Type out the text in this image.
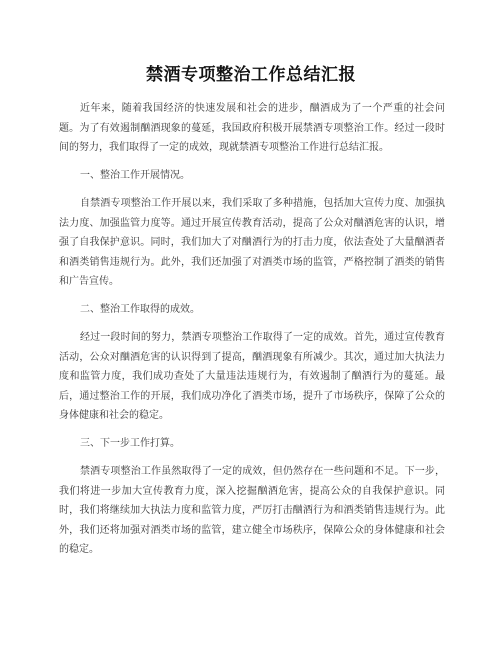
禁酒专项整治工作总结汇报

近年来，随着我国经济的快速发展和社会的进步，酗酒成为了一个严重的社会问题。为了有效遏制酗酒现象的蔓延，我国政府积极开展禁酒专项整治工作。经过一段时间的努力，我们取得了一定的成效，现就禁酒专项整治工作进行总结汇报。

一、整治工作开展情况。

自禁酒专项整治工作开展以来，我们采取了多种措施，包括加大宣传力度、加强执法力度、加强监管力度等。通过开展宣传教育活动，提高了公众对酗酒危害的认识，增强了自我保护意识。同时，我们加大了对酗酒行为的打击力度，依法查处了大量酗酒者和酒类销售违规行为。此外，我们还加强了对酒类市场的监管，严格控制了酒类的销售和广告宣传。

二、整治工作取得的成效。

经过一段时间的努力，禁酒专项整治工作取得了一定的成效。首先，通过宣传教育活动，公众对酗酒危害的认识得到了提高，酗酒现象有所减少。其次，通过加大执法力度和监管力度，我们成功查处了大量违法违规行为，有效遏制了酗酒行为的蔓延。最后，通过整治工作的开展，我们成功净化了酒类市场，提升了市场秩序，保障了公众的身体健康和社会的稳定。

三、下一步工作打算。

禁酒专项整治工作虽然取得了一定的成效，但仍然存在一些问题和不足。下一步，我们将进一步加大宣传教育力度，深入挖掘酗酒危害，提高公众的自我保护意识。同时，我们将继续加大执法力度和监管力度，严厉打击酗酒行为和酒类销售违规行为。此外，我们还将加强对酒类市场的监管，建立健全市场秩序，保障公众的身体健康和社会的稳定。
